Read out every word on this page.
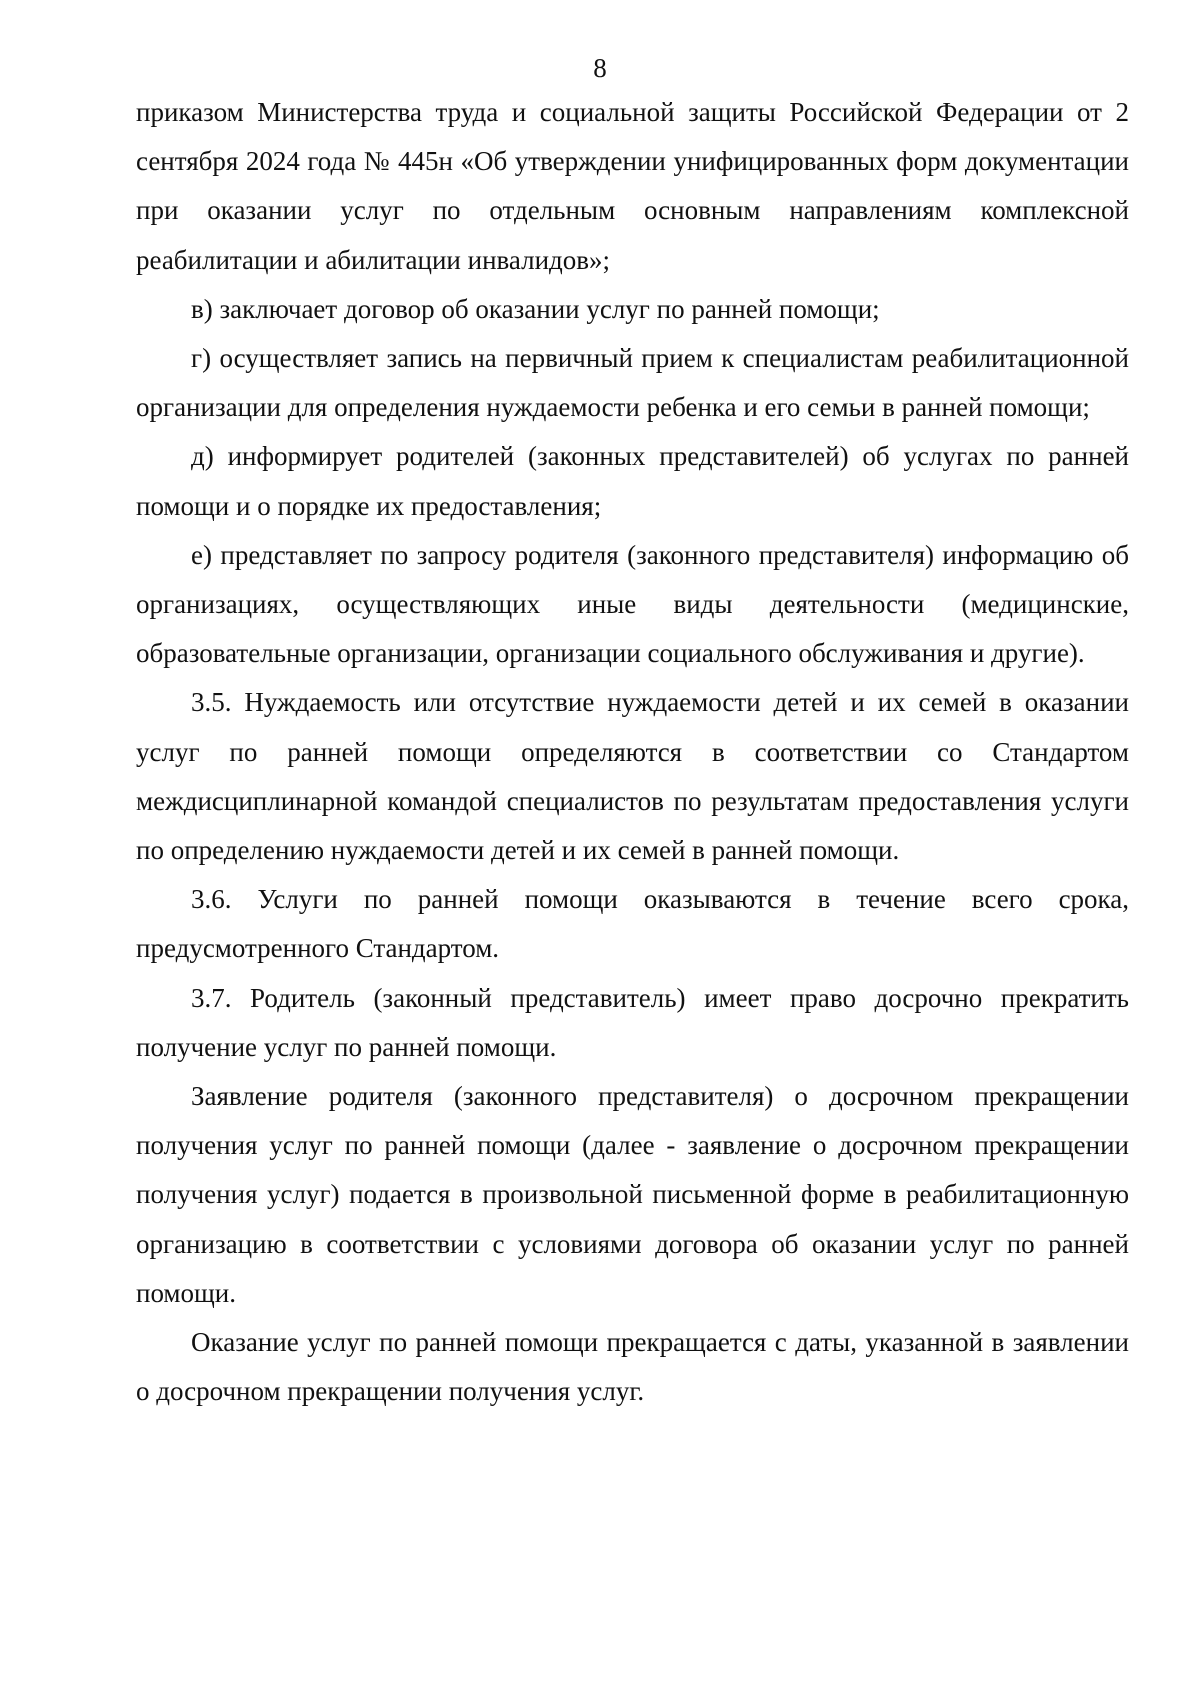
8

приказом Министерства труда и социальной защиты Российской Федерации от 2 сентября 2024 года № 445н «Об утверждении унифицированных форм документации при оказании услуг по отдельным основным направлениям комплексной реабилитации и абилитации инвалидов»;

в) заключает договор об оказании услуг по ранней помощи;

г) осуществляет запись на первичный прием к специалистам реабилитационной организации для определения нуждаемости ребенка и его семьи в ранней помощи;

д) информирует родителей (законных представителей) об услугах по ранней помощи и о порядке их предоставления;

е) представляет по запросу родителя (законного представителя) информацию об организациях, осуществляющих иные виды деятельности (медицинские, образовательные организации, организации социального обслуживания и другие).

3.5. Нуждаемость или отсутствие нуждаемости детей и их семей в оказании услуг по ранней помощи определяются в соответствии со Стандартом междисциплинарной командой специалистов по результатам предоставления услуги по определению нуждаемости детей и их семей в ранней помощи.

3.6. Услуги по ранней помощи оказываются в течение всего срока, предусмотренного Стандартом.

3.7. Родитель (законный представитель) имеет право досрочно прекратить получение услуг по ранней помощи.

Заявление родителя (законного представителя) о досрочном прекращении получения услуг по ранней помощи (далее - заявление о досрочном прекращении получения услуг) подается в произвольной письменной форме в реабилитационную организацию в соответствии с условиями договора об оказании услуг по ранней помощи.

Оказание услуг по ранней помощи прекращается с даты, указанной в заявлении о досрочном прекращении получения услуг.
